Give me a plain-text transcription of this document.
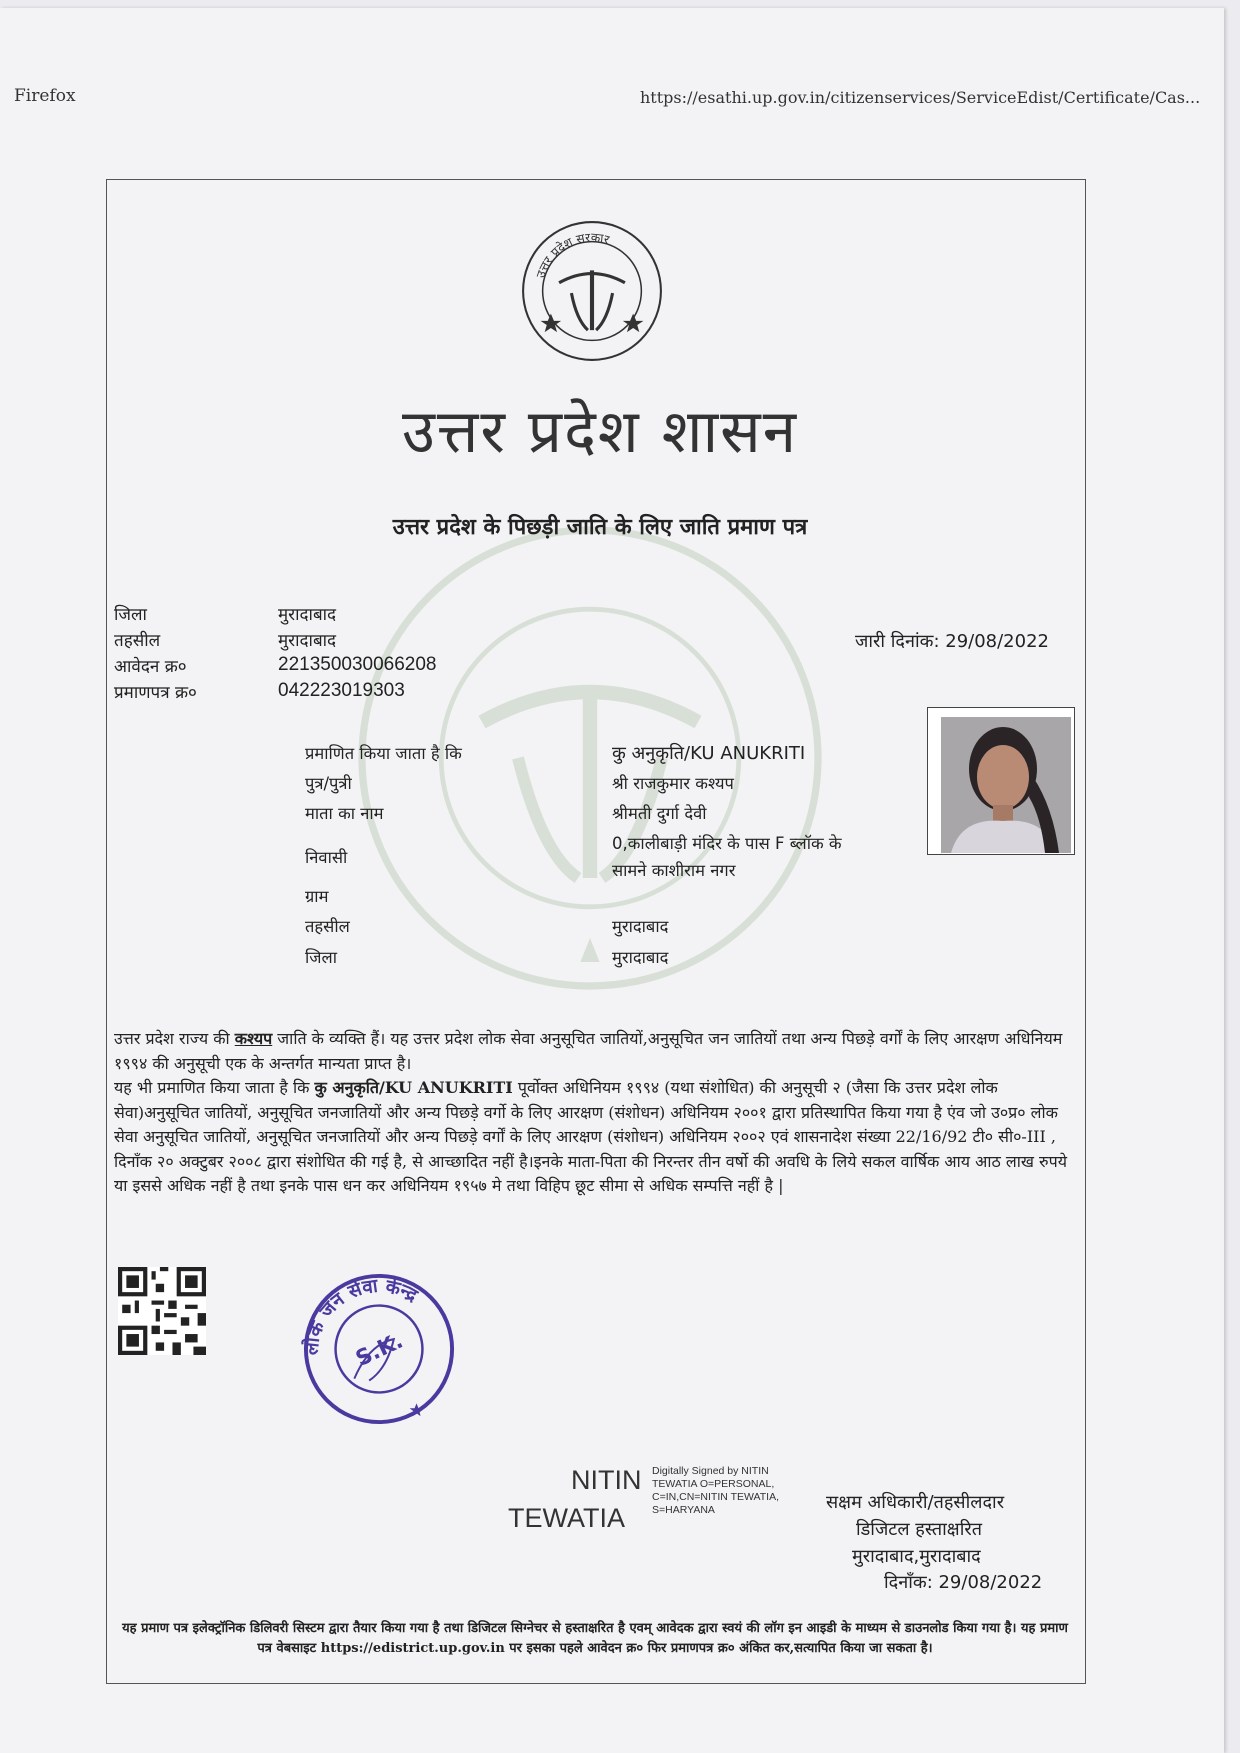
Firefox	https://esathi.up.gov.in/citizenservices/ServiceEdist/Certificate/Cas...
उत्तर प्रदेश सरकार
उत्तर प्रदेश शासन
उत्तर प्रदेश के पिछड़ी जाति के लिए जाति प्रमाण पत्र
जिला	मुरादाबाद
तहसील	मुरादाबाद
आवेदन क्र०	221350030066208
प्रमाणपत्र क्र०	042223019303
जारी दिनांक: 29/08/2022
प्रमाणित किया जाता है कि	कु अनुकृति/KU ANUKRITI
पुत्र/पुत्री	श्री राजकुमार कश्यप
माता का नाम	श्रीमती दुर्गा देवी
निवासी
0,कालीबाड़ी मंदिर के पास F ब्लॉक के
सामने काशीराम नगर
ग्राम
तहसील	मुरादाबाद
जिला	मुरादाबाद
उत्तर प्रदेश राज्य की कश्यप जाति के व्यक्ति हैं। यह उत्तर प्रदेश लोक सेवा अनुसूचित जातियों,अनुसूचित जन जातियों तथा अन्य पिछड़े वर्गों के लिए आरक्षण अधिनियम १९९४ की अनुसूची एक के अन्तर्गत मान्यता प्राप्त है।
यह भी प्रमाणित किया जाता है कि कु अनुकृति/KU ANUKRITI पूर्वोक्त अधिनियम १९९४ (यथा संशोधित) की अनुसूची २ (जैसा कि उत्तर प्रदेश लोक सेवा)अनुसूचित जातियों, अनुसूचित जनजातियों और अन्य पिछड़े वर्गो के लिए आरक्षण (संशोधन) अधिनियम २००१ द्वारा प्रतिस्थापित किया गया है एंव जो उ०प्र० लोक सेवा अनुसूचित जातियों, अनुसूचित जनजातियों और अन्य पिछड़े वर्गों के लिए आरक्षण (संशोधन) अधिनियम २००२ एवं शासनादेश संख्या 22/16/92 टी० सी०-III , दिनाँक २० अक्टुबर २००८ द्वारा संशोधित की गई है, से आच्छादित नहीं है।इनके माता-पिता की निरन्तर तीन वर्षो की अवधि के लिये सकल वार्षिक आय आठ लाख रुपये या इससे अधिक नहीं है तथा इनके पास धन कर अधिनियम १९५७ मे तथा विहिप छूट सीमा से अधिक सम्पत्ति नहीं है |
लोक जन सेवा केन्द्र
S.K.
NITIN
TEWATIA
Digitally Signed by NITIN TEWATIA O=PERSONAL, C=IN,CN=NITIN TEWATIA, S=HARYANA	सक्षम अधिकारी/तहसीलदार
डिजिटल हस्ताक्षरित
मुरादाबाद,मुरादाबाद
दिनाँक: 29/08/2022
यह प्रमाण पत्र इलेक्ट्रॉनिक डिलिवरी सिस्टम द्वारा तैयार किया गया है तथा डिजिटल सिग्नेचर से हस्ताक्षरित है एवम् आवेदक द्वारा स्वयं की लॉग इन आइडी के माध्यम से डाउनलोड किया गया है। यह प्रमाण पत्र वेबसाइट https://edistrict.up.gov.in पर इसका पहले आवेदन क्र० फिर प्रमाणपत्र क्र० अंकित कर,सत्यापित किया जा सकता है।
